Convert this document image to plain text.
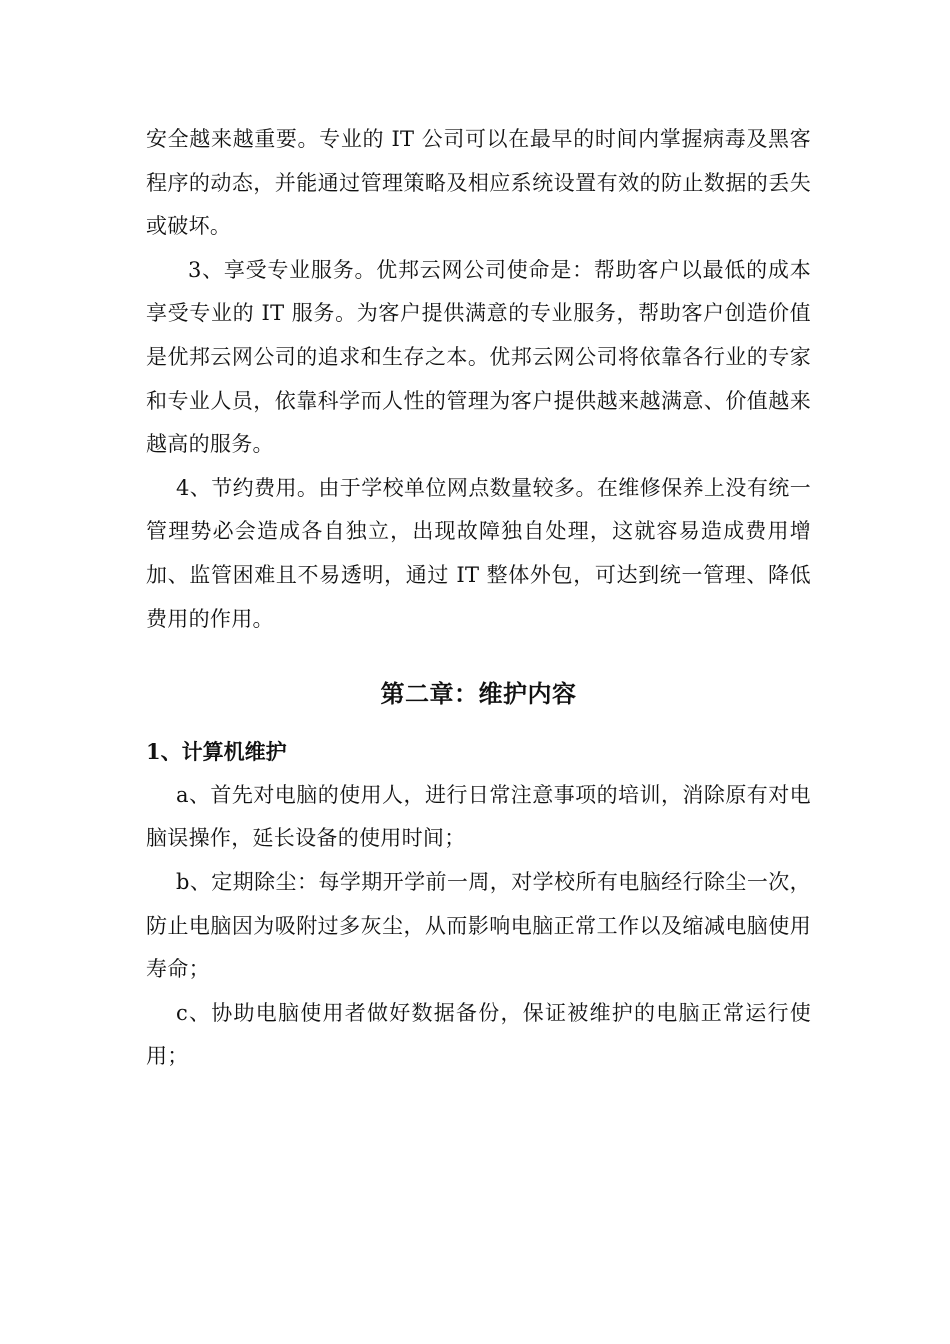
安全越来越重要。专业的 IT 公司可以在最早的时间内掌握病毒及黑客程序的动态，并能通过管理策略及相应系统设置有效的防止数据的丢失或破坏。

3、享受专业服务。优邦云网公司使命是：帮助客户以最低的成本享受专业的 IT 服务。为客户提供满意的专业服务，帮助客户创造价值是优邦云网公司的追求和生存之本。优邦云网公司将依靠各行业的专家和专业人员，依靠科学而人性的管理为客户提供越来越满意、价值越来越高的服务。

4、节约费用。由于学校单位网点数量较多。在维修保养上没有统一管理势必会造成各自独立，出现故障独自处理，这就容易造成费用增加、监管困难且不易透明，通过 IT 整体外包，可达到统一管理、降低费用的作用。

第二章：维护内容
1、计算机维护

a、首先对电脑的使用人，进行日常注意事项的培训，消除原有对电脑误操作，延长设备的使用时间；

b、定期除尘：每学期开学前一周，对学校所有电脑经行除尘一次，防止电脑因为吸附过多灰尘，从而影响电脑正常工作以及缩减电脑使用寿命；

c、协助电脑使用者做好数据备份，保证被维护的电脑正常运行使用；
